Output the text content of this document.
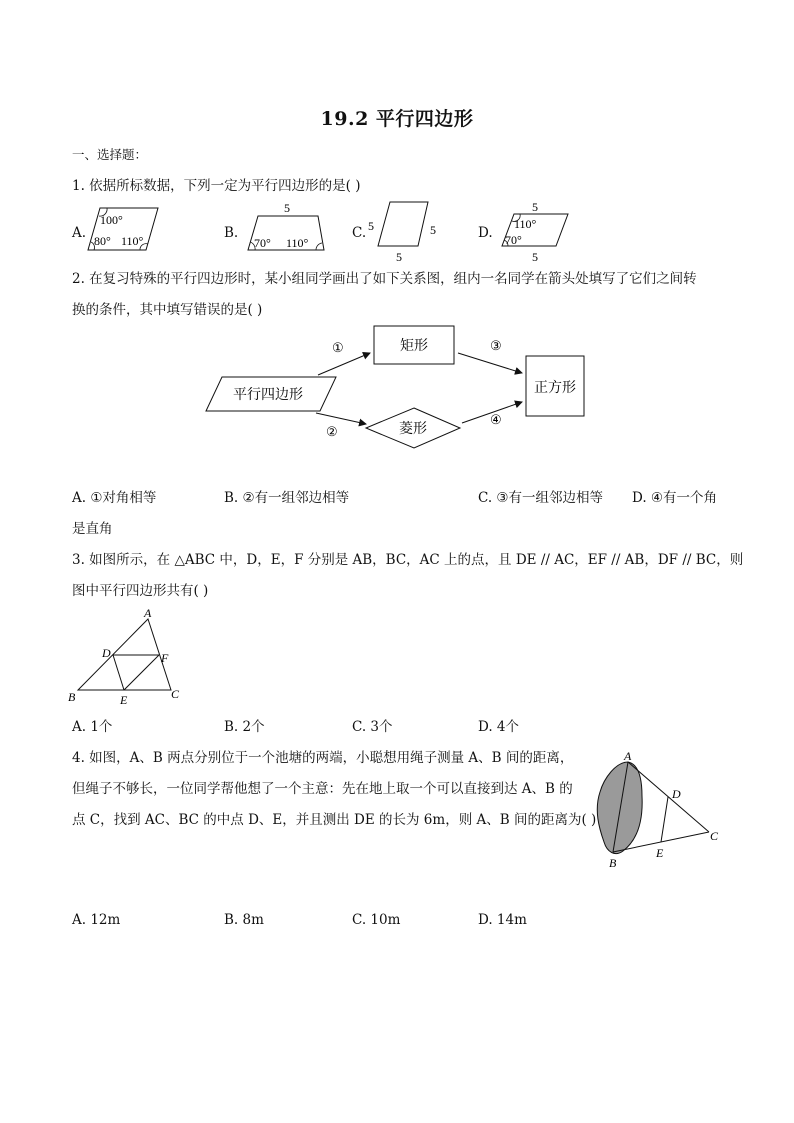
19.2 平行四边形
一、选择题：
1. 依据所标数据，下列一定为平行四边形的是( )
A.
100°
80° 110°	B.
5
70° 110°
C. 5	5
5
D.
5
110°
70°
5
2. 在复习特殊的平行四边形时，某小组同学画出了如下关系图，组内一名同学在箭头处填写了它们之间转
换的条件，其中填写错误的是( )
平行四边形
矩形
菱形
正方形
①
②
③
④
A. ①对角相等	B. ②有一组邻边相等	C. ③有一组邻边相等 D. ④有一个角
是直角
3. 如图所示，在 △ABC 中，D，E，F 分别是 AB，BC，AC 上的点，且 DE // AC，EF // AB，DF // BC，则
图中平行四边形共有( )
A
D	F
B	E	C
A. 1个	B. 2个	C. 3个	D. 4个
4. 如图，A、B 两点分别位于一个池塘的两端，小聪想用绳子测量 A、B 间的距离，
但绳子不够长，一位同学帮他想了一个主意：先在地上取一个可以直接到达 A、B 的
点 C，找到 AC、BC 的中点 D、E，并且测出 DE 的长为 6m，则 A、B 间的距离为( )
A
D
C
E
B
A. 12m	B. 8m	C. 10m	D. 14m
